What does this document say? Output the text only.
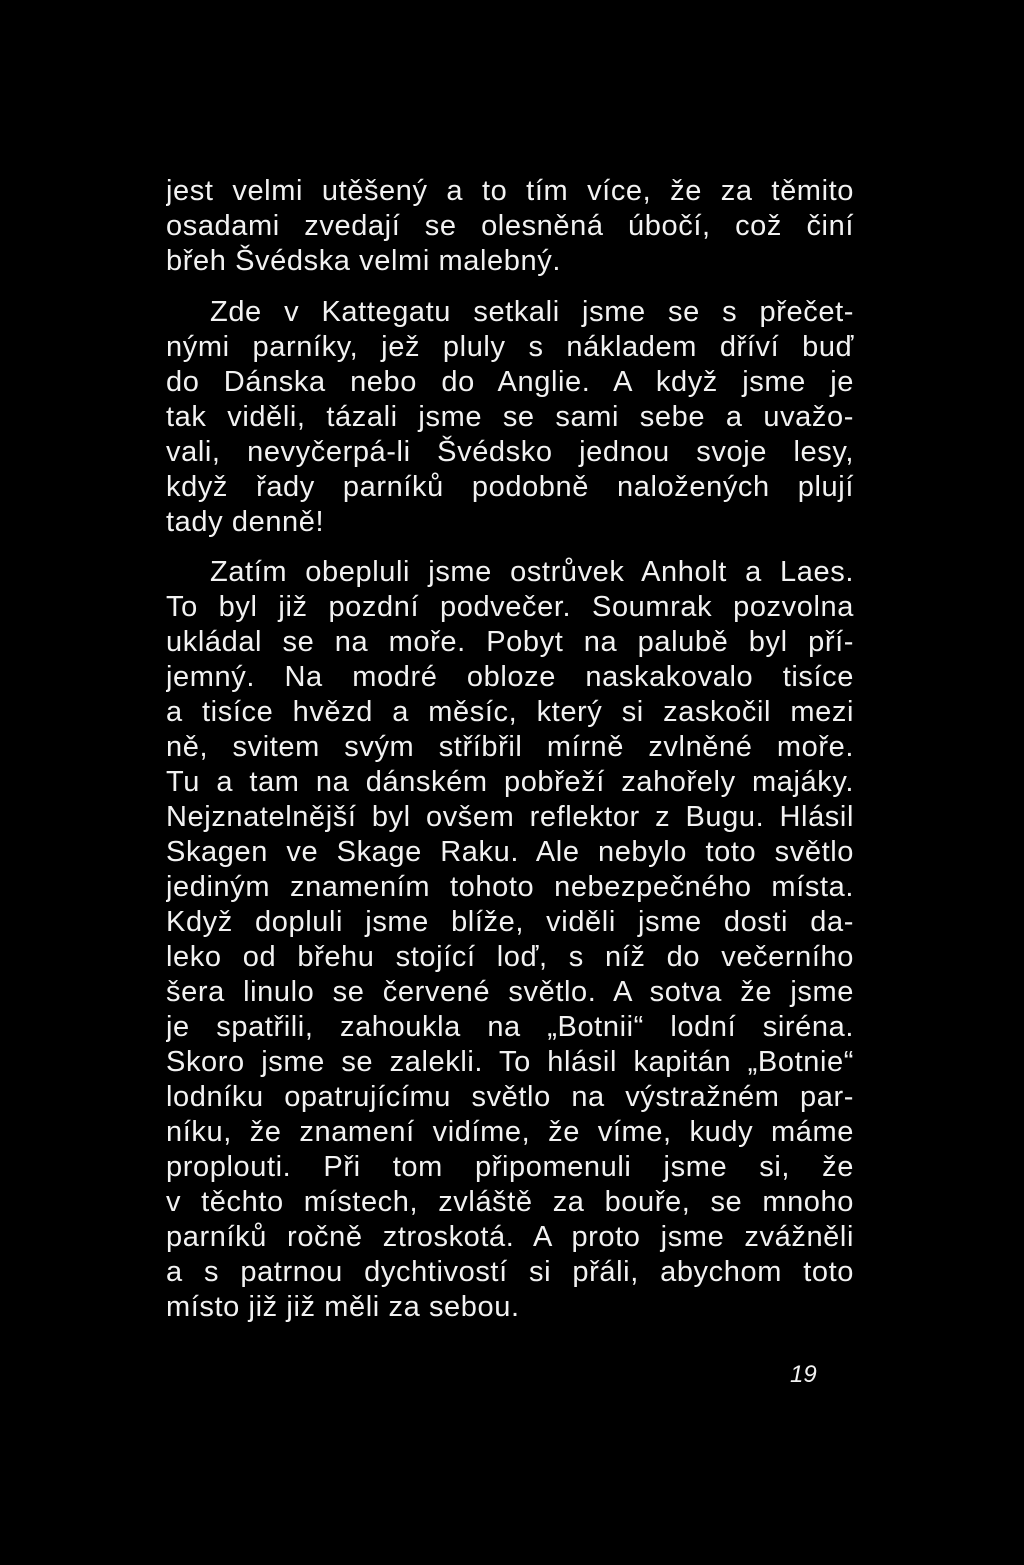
jest velmi utěšený a to tím více, že za těmito

osadami zvedají se olesněná úbočí, což činí

břeh Švédska velmi malebný.

Zde v Kattegatu setkali jsme se s přečet-

nými parníky, jež pluly s nákladem dříví buď

do Dánska nebo do Anglie. A když jsme je

tak viděli, tázali jsme se sami sebe a uvažo-

vali, nevyčerpá-li Švédsko jednou svoje lesy,

když řady parníků podobně naložených plují

tady denně!

Zatím obepluli jsme ostrůvek Anholt a Laes.

To byl již pozdní podvečer. Soumrak pozvolna

ukládal se na moře. Pobyt na palubě byl pří-

jemný. Na modré obloze naskakovalo tisíce

a tisíce hvězd a měsíc, který si zaskočil mezi

ně, svitem svým stříbřil mírně zvlněné moře.

Tu a tam na dánském pobřeží zahořely majáky.

Nejznatelnější byl ovšem reflektor z Bugu. Hlásil

Skagen ve Skage Raku. Ale nebylo toto světlo

jediným znamením tohoto nebezpečného místa.

Když dopluli jsme blíže, viděli jsme dosti da-

leko od břehu stojící loď, s níž do večerního

šera linulo se červené světlo. A sotva že jsme

je spatřili, zahoukla na „Botnii“ lodní siréna.

Skoro jsme se zalekli. To hlásil kapitán „Botnie“

lodníku opatrujícímu světlo na výstražném par-

níku, že znamení vidíme, že víme, kudy máme

proplouti. Při tom připomenuli jsme si, že

v těchto místech, zvláště za bouře, se mnoho

parníků ročně ztroskotá. A proto jsme zvážněli

a s patrnou dychtivostí si přáli, abychom toto

místo již již měli za sebou.

19
